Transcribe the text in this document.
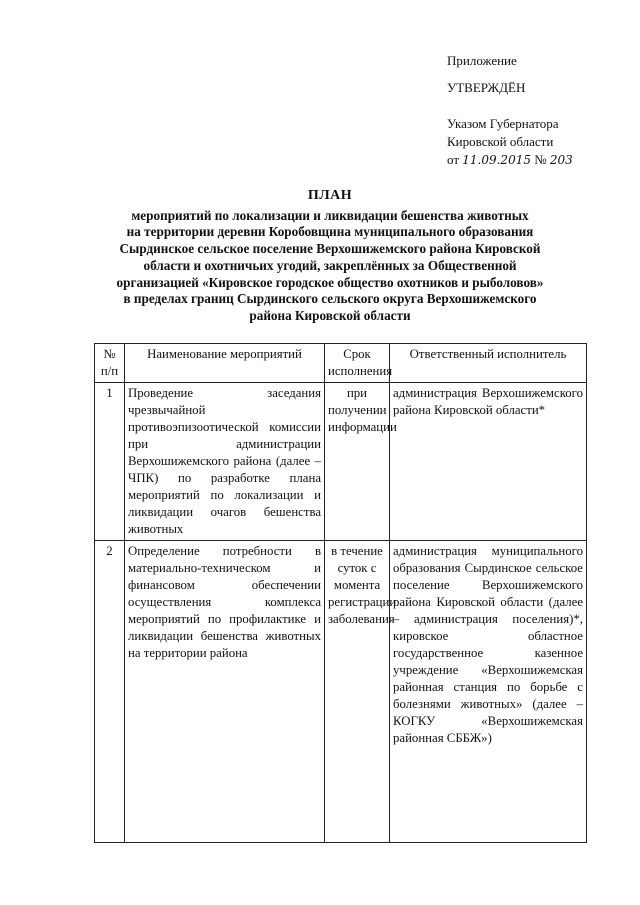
Приложение
УТВЕРЖДЁН
Указом Губернатора
Кировской области
от 11.09.2015 № 203
ПЛАН
мероприятий по локализации и ликвидации бешенства животных
на территории деревни Коробовщина муниципального образования
Сырдинское сельское поселение Верхошижемского района Кировской
области и охотничьих угодий, закреплённых за Общественной
организацией «Кировское городское общество охотников и рыболовов»
в пределах границ Сырдинского сельского округа Верхошижемского
района Кировской области
№ п/п	Наименование мероприятий	Срок исполнения	Ответственный исполнитель
1	Проведение заседания чрезвычайной противоэпизоотической комиссии при администрации Верхошижемского района (далее – ЧПК) по разработке плана мероприятий по локализации и ликвидации очагов бешенства животных	при получении информации	администрация Верхошижемского района Кировской области*
2	Определение потребности в материально-техническом и финансовом обеспечении осуществления комплекса мероприятий по профилактике и ликвидации бешенства животных на территории района	в течение суток с момента регистрации заболевания	администрация муниципального образования Сырдинское сельское поселение Верхошижемского района Кировской области (далее – администрация поселения)*, кировское областное государственное казенное учреждение «Верхошижемская районная станция по борьбе с болезнями животных» (далее – КОГКУ «Верхошижемская районная СББЖ»)
